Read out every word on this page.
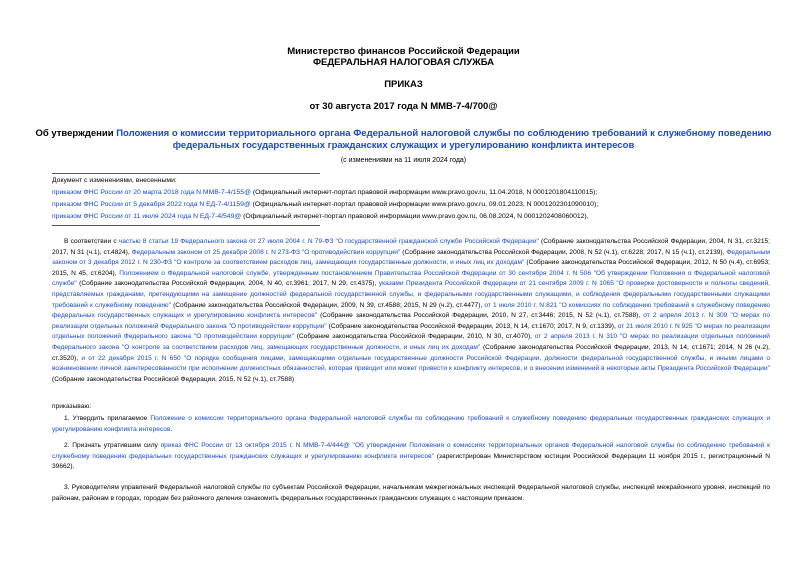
Министерство финансов Российской Федерации
ФЕДЕРАЛЬНАЯ НАЛОГОВАЯ СЛУЖБА
ПРИКАЗ
от 30 августа 2017 года N ММВ-7-4/700@
Об утверждении Положения о комиссии территориального органа Федеральной налоговой службы по соблюдению требований к служебному поведению федеральных государственных гражданских служащих и урегулированию конфликта интересов
(с изменениями на 11 июля 2024 года)
Документ с изменениями, внесенными:
приказом ФНС России от 20 марта 2018 года N ММВ-7-4/155@ (Официальный интернет-портал правовой информации www.pravo.gov.ru, 11.04.2018, N 0001201804110015);
приказом ФНС России от 5 декабря 2022 года N ЕД-7-4/1159@ (Официальный интернет-портал правовой информации www.pravo.gov.ru, 09.01.2023, N 0001202301090010);
приказом ФНС России от 11 июля 2024 года N ЕД-7-4/549@ (Официальный интернет-портал правовой информации www.pravo.gov.ru, 06.08.2024, N 0001202408060012).
В соответствии с частью 8 статьи 19 Федерального закона от 27 июля 2004 г. N 79-ФЗ "О государственной гражданской службе Российской Федерации" (Собрание законодательства Российской Федерации, 2004, N 31, ст.3215; 2017, N 31 (ч.1), ст.4824), Федеральным законом от 25 декабря 2008 г. N 273-ФЗ "О противодействии коррупции" (Собрание законодательства Российской Федерации, 2008, N 52 (ч.1), ст.6228; 2017, N 15 (ч.1), ст.2139), Федеральным законом от 3 декабря 2012 г. N 230-ФЗ "О контроле за соответствием расходов лиц, замещающих государственные должности, и иных лиц их доходам" (Собрание законодательства Российской Федерации, 2012, N 50 (ч.4), ст.6953; 2015, N 45, ст.6204), Положением о Федеральной налоговой службе, утвержденным постановлением Правительства Российской Федерации от 30 сентября 2004 г. N 506 "Об утверждении Положения о Федеральной налоговой службе" (Собрание законодательства Российской Федерации, 2004, N 40, ст.3961; 2017, N 29, ст.4375), указами Президента Российской Федерации от 21 сентября 2009 г. N 1065 "О проверке достоверности и полноты сведений, представляемых гражданами, претендующими на замещение должностей федеральной государственной службы, и федеральными государственными служащими, и соблюдения федеральными государственными служащими требований к служебному поведению" (Собрание законодательства Российской Федерации, 2009, N 39, ст.4588; 2015, N 29 (ч.2), ст.4477), от 1 июля 2010 г. N 821 "О комиссиях по соблюдению требований к служебному поведению федеральных государственных служащих и урегулированию конфликта интересов" (Собрание законодательства Российской Федерации, 2010, N 27, ст.3446; 2015, N 52 (ч.1), ст.7588), от 2 апреля 2013 г. N 309 "О мерах по реализации отдельных положений Федерального закона "О противодействии коррупции" (Собрание законодательства Российской Федерации, 2013, N 14, ст.1670; 2017, N 9, ст.1339), от 21 июля 2010 г. N 925 "О мерах по реализации отдельных положений Федерального закона "О противодействии коррупции" (Собрание законодательства Российской Федерации, 2010, N 30, ст.4070), от 2 апреля 2013 г. N 310 "О мерах по реализации отдельных положений Федерального закона "О контроле за соответствием расходов лиц, замещающих государственные должности, и иных лиц их доходам" (Собрание законодательства Российской Федерации, 2013, N 14, ст.1671; 2014, N 26 (ч.2), ст.3520), и от 22 декабря 2015 г. N 650 "О порядке сообщения лицами, замещающими отдельные государственные должности Российской Федерации, должности федеральной государственной службы, и иными лицами о возникновении личной заинтересованности при исполнении должностных обязанностей, которая приводит или может привести к конфликту интересов, и о внесении изменений в некоторые акты Президента Российской Федерации" (Собрание законодательства Российской Федерации, 2015, N 52 (ч.1), ст.7588)
приказываю:
1. Утвердить прилагаемое Положение о комиссии территориального органа Федеральной налоговой службы по соблюдению требований к служебному поведению федеральных государственных гражданских служащих и урегулированию конфликта интересов.
2. Признать утратившим силу приказ ФНС России от 13 октября 2015 г. N ММВ-7-4/444@ "Об утверждении Положения о комиссиях территориальных органов Федеральной налоговой службы по соблюдению требований к служебному поведению федеральных государственных гражданских служащих и урегулированию конфликта интересов" (зарегистрирован Министерством юстиции Российской Федерации 11 ноября 2015 г., регистрационный N 39662).
3. Руководителям управлений Федеральной налоговой службы по субъектам Российской Федерации, начальникам межрегиональных инспекций Федеральной налоговой службы, инспекций межрайонного уровня, инспекций по районам, районам в городах, городам без районного деления ознакомить федеральных государственных гражданских служащих с настоящим приказом.
